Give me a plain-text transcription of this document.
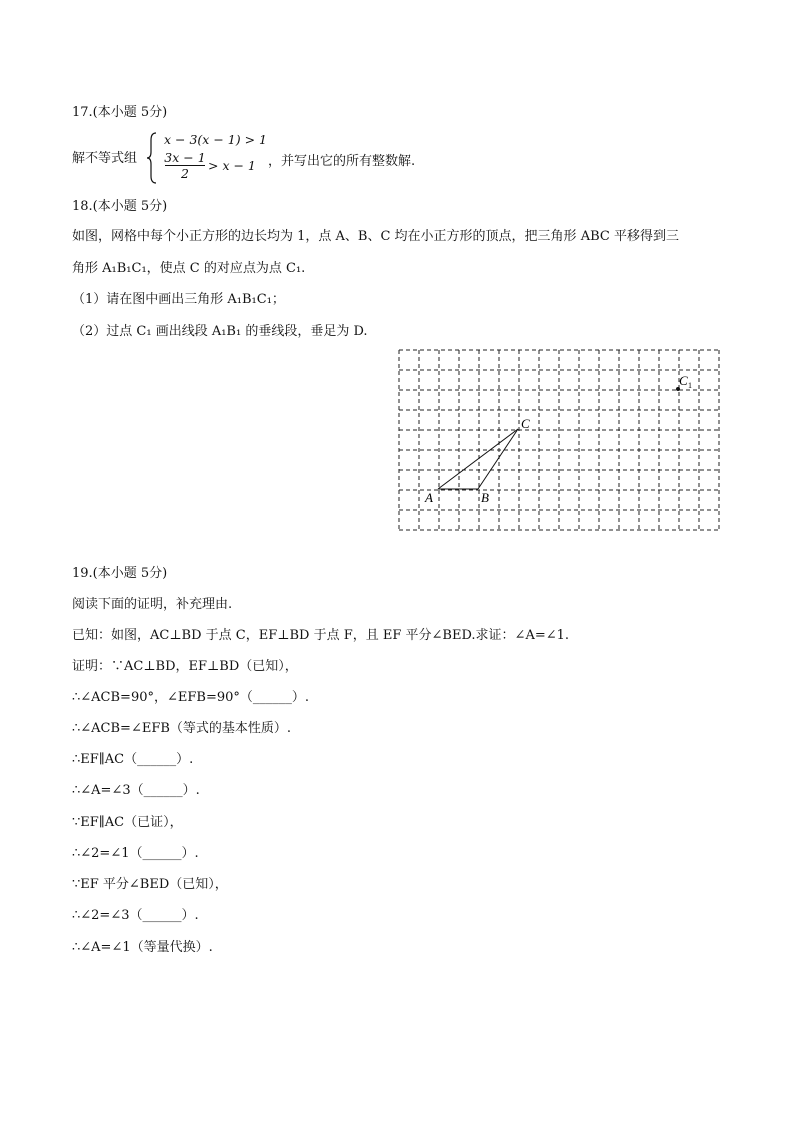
17.(本小题 5分)
解不等式组
x − 3(x − 1) > 1
3x − 1
2
> x − 1 ，并写出它的所有整数解.
18.(本小题 5分)
如图，网格中每个小正方形的边长均为 1，点 A、B、C 均在小正方形的顶点，把三角形 ABC 平移得到三
角形 A₁B₁C₁，使点 C 的对应点为点 C₁.
（1）请在图中画出三角形 A₁B₁C₁；
（2）过点 C₁ 画出线段 A₁B₁ 的垂线段，垂足为 D.
A	B
C
C 1
19.(本小题 5分)
阅读下面的证明，补充理由.
已知：如图，AC⊥BD 于点 C，EF⊥BD 于点 F，且 EF 平分∠BED.求证：∠A=∠1.
证明：∵AC⊥BD，EF⊥BD（已知），
∴∠ACB=90°，∠EFB=90°（______）.
∴∠ACB=∠EFB（等式的基本性质）.
∴EF∥AC（______）.
∴∠A=∠3（______）.
∵EF∥AC（已证），
∴∠2=∠1（______）.
∵EF 平分∠BED（已知），
∴∠2=∠3（______）.
∴∠A=∠1（等量代换）.
